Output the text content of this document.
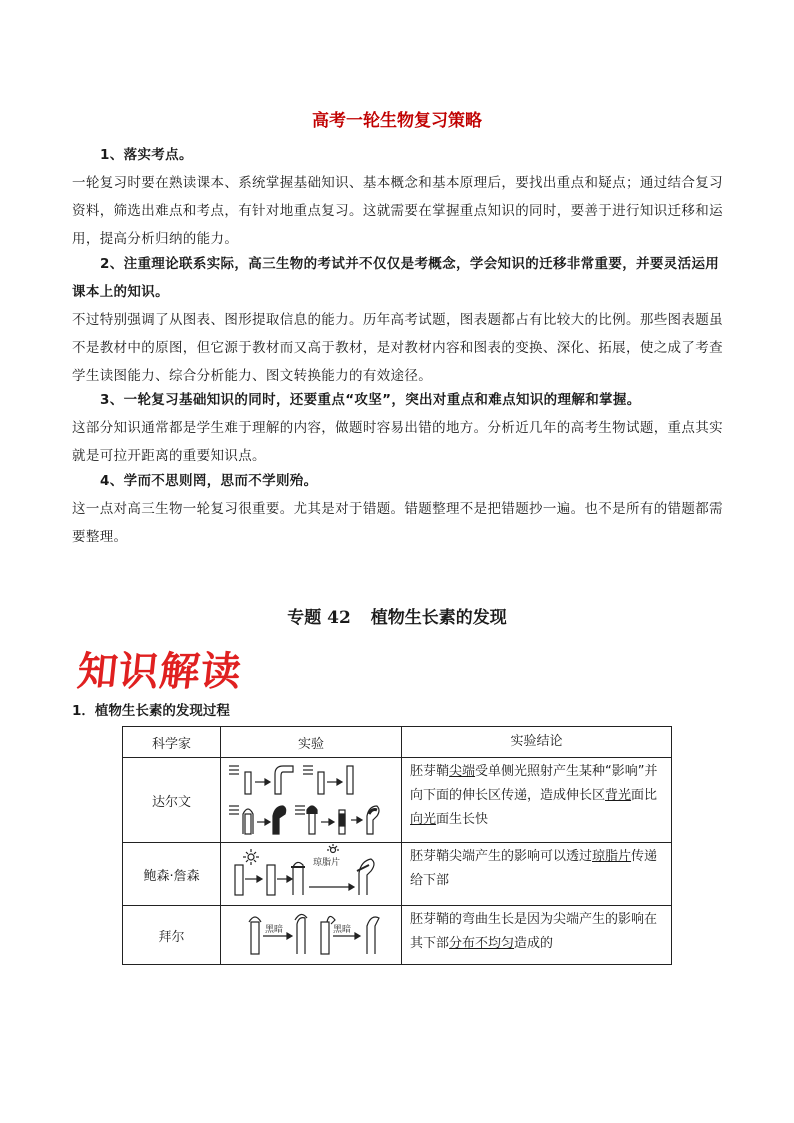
高考一轮生物复习策略

1、落实考点。
一轮复习时要在熟读课本、系统掌握基础知识、基本概念和基本原理后，要找出重点和疑点；通过结合复习资料，筛选出难点和考点，有针对地重点复习。这就需要在掌握重点知识的同时，要善于进行知识迁移和运用，提高分析归纳的能力。

2、注重理论联系实际，高三生物的考试并不仅仅是考概念，学会知识的迁移非常重要，并要灵活运用课本上的知识。
不过特别强调了从图表、图形提取信息的能力。历年高考试题，图表题都占有比较大的比例。那些图表题虽不是教材中的原图，但它源于教材而又高于教材，是对教材内容和图表的变换、深化、拓展，使之成了考查学生读图能力、综合分析能力、图文转换能力的有效途径。

3、一轮复习基础知识的同时，还要重点“攻坚”，突出对重点和难点知识的理解和掌握。
这部分知识通常都是学生难于理解的内容，做题时容易出错的地方。分析近几年的高考生物试题，重点其实就是可拉开距离的重要知识点。

4、学而不思则罔，思而不学则殆。
这一点对高三生物一轮复习很重要。尤其是对于错题。错题整理不是把错题抄一遍。也不是所有的错题都需要整理。

专题 42 植物生长素的发现
知识解读
1．植物生长素的发现过程
科学家	实验	实验结论
达尔文		胚芽鞘尖端受单侧光照射产生某种“影响”并向下面的伸长区传递，造成伸长区背光面比向光面生长快
鲍森·詹森	琼脂片	胚芽鞘尖端产生的影响可以透过琼脂片传递给下部
拜尔	黑暗 黑暗	胚芽鞘的弯曲生长是因为尖端产生的影响在其下部分布不均匀造成的
